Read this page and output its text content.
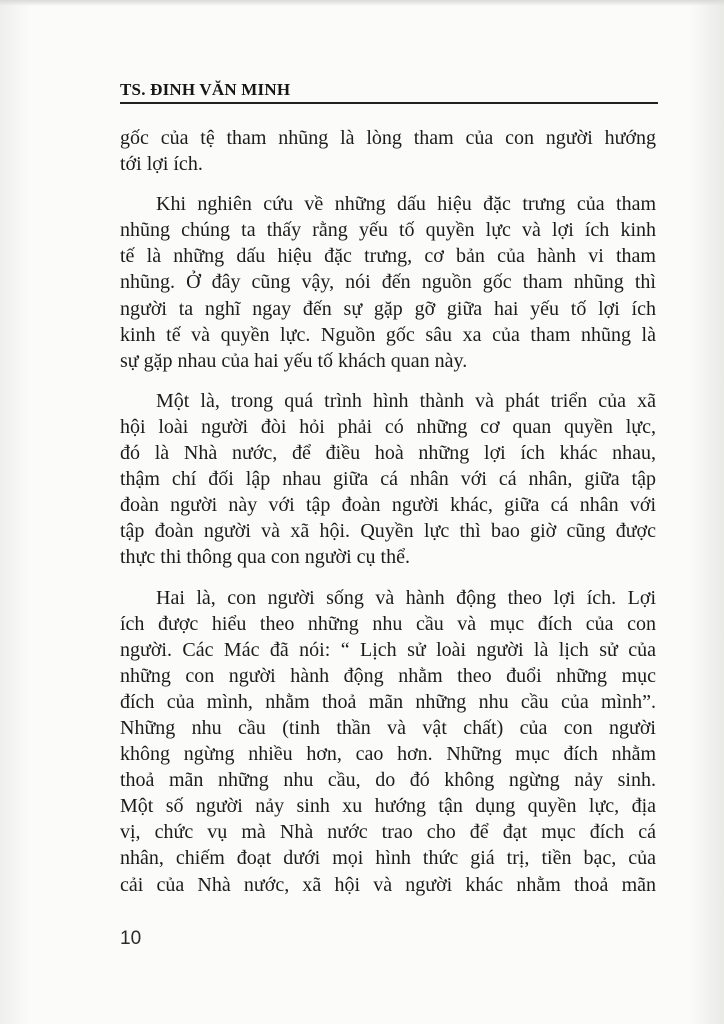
TS. ĐINH VĂN MINH

gốc của tệ tham nhũng là lòng tham của con người hướng
tới lợi ích.

Khi nghiên cứu về những dấu hiệu đặc trưng của tham
nhũng chúng ta thấy rằng yếu tố quyền lực và lợi ích kinh
tế là những dấu hiệu đặc trưng, cơ bản của hành vi tham
nhũng. Ở đây cũng vậy, nói đến nguồn gốc tham nhũng thì
người ta nghĩ ngay đến sự gặp gỡ giữa hai yếu tố lợi ích
kinh tế và quyền lực. Nguồn gốc sâu xa của tham nhũng là
sự gặp nhau của hai yếu tố khách quan này.

Một là, trong quá trình hình thành và phát triển của xã
hội loài người đòi hỏi phải có những cơ quan quyền lực,
đó là Nhà nước, để điều hoà những lợi ích khác nhau,
thậm chí đối lập nhau giữa cá nhân với cá nhân, giữa tập
đoàn người này với tập đoàn người khác, giữa cá nhân với
tập đoàn người và xã hội. Quyền lực thì bao giờ cũng được
thực thi thông qua con người cụ thể.

Hai là, con người sống và hành động theo lợi ích. Lợi
ích được hiểu theo những nhu cầu và mục đích của con
người. Các Mác đã nói: “ Lịch sử loài người là lịch sử của
những con người hành động nhằm theo đuổi những mục
đích của mình, nhằm thoả mãn những nhu cầu của mình”.
Những nhu cầu (tinh thần và vật chất) của con người
không ngừng nhiều hơn, cao hơn. Những mục đích nhằm
thoả mãn những nhu cầu, do đó không ngừng nảy sinh.
Một số người nảy sinh xu hướng tận dụng quyền lực, địa
vị, chức vụ mà Nhà nước trao cho để đạt mục đích cá
nhân, chiếm đoạt dưới mọi hình thức giá trị, tiền bạc, của
cải của Nhà nước, xã hội và người khác nhằm thoả mãn

10
